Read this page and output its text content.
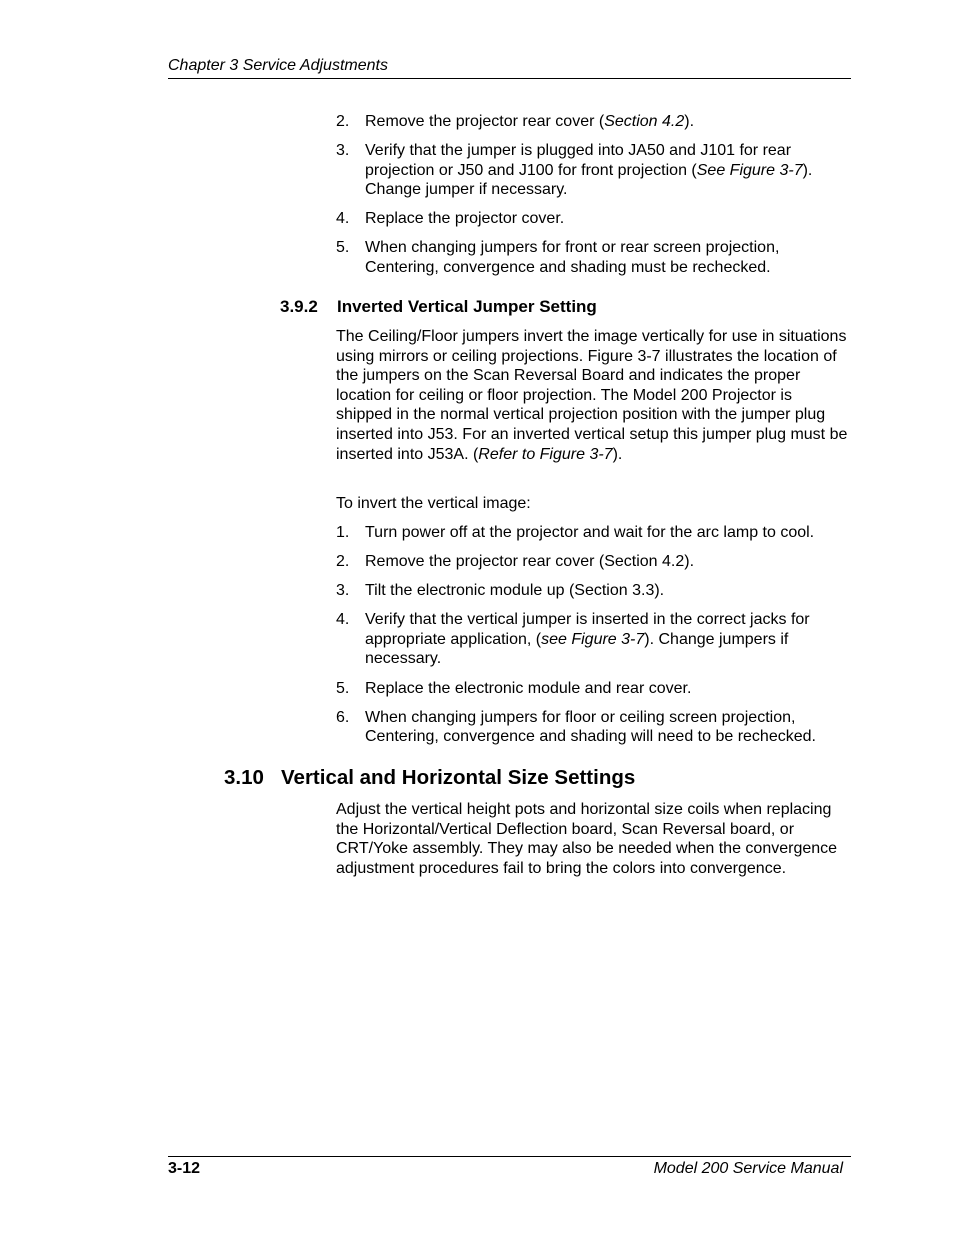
Chapter 3 Service Adjustments
2. Remove the projector rear cover (Section 4.2).
3. Verify that the jumper is plugged into JA50 and J101 for rear projection or J50 and J100 for front projection (See Figure 3-7). Change jumper if necessary.
4. Replace the projector cover.
5. When changing jumpers for front or rear screen projection, Centering, convergence and shading must be rechecked.
3.9.2 Inverted Vertical Jumper Setting

The Ceiling/Floor jumpers invert the image vertically for use in situations using mirrors or ceiling projections. Figure 3-7 illustrates the location of the jumpers on the Scan Reversal Board and indicates the proper location for ceiling or floor projection. The Model 200 Projector is shipped in the normal vertical projection position with the jumper plug inserted into J53. For an inverted vertical setup this jumper plug must be inserted into J53A. (Refer to Figure 3-7).

To invert the vertical image:

1. Turn power off at the projector and wait for the arc lamp to cool.
2. Remove the projector rear cover (Section 4.2).
3. Tilt the electronic module up (Section 3.3).
4. Verify that the vertical jumper is inserted in the correct jacks for appropriate application, (see Figure 3-7). Change jumpers if necessary.
5. Replace the electronic module and rear cover.
6. When changing jumpers for floor or ceiling screen projection, Centering, convergence and shading will need to be rechecked.
3.10 Vertical and Horizontal Size Settings

Adjust the vertical height pots and horizontal size coils when replacing the Horizontal/Vertical Deflection board, Scan Reversal board, or CRT/Yoke assembly. They may also be needed when the convergence adjustment procedures fail to bring the colors into convergence.

3-12	Model 200 Service Manual
